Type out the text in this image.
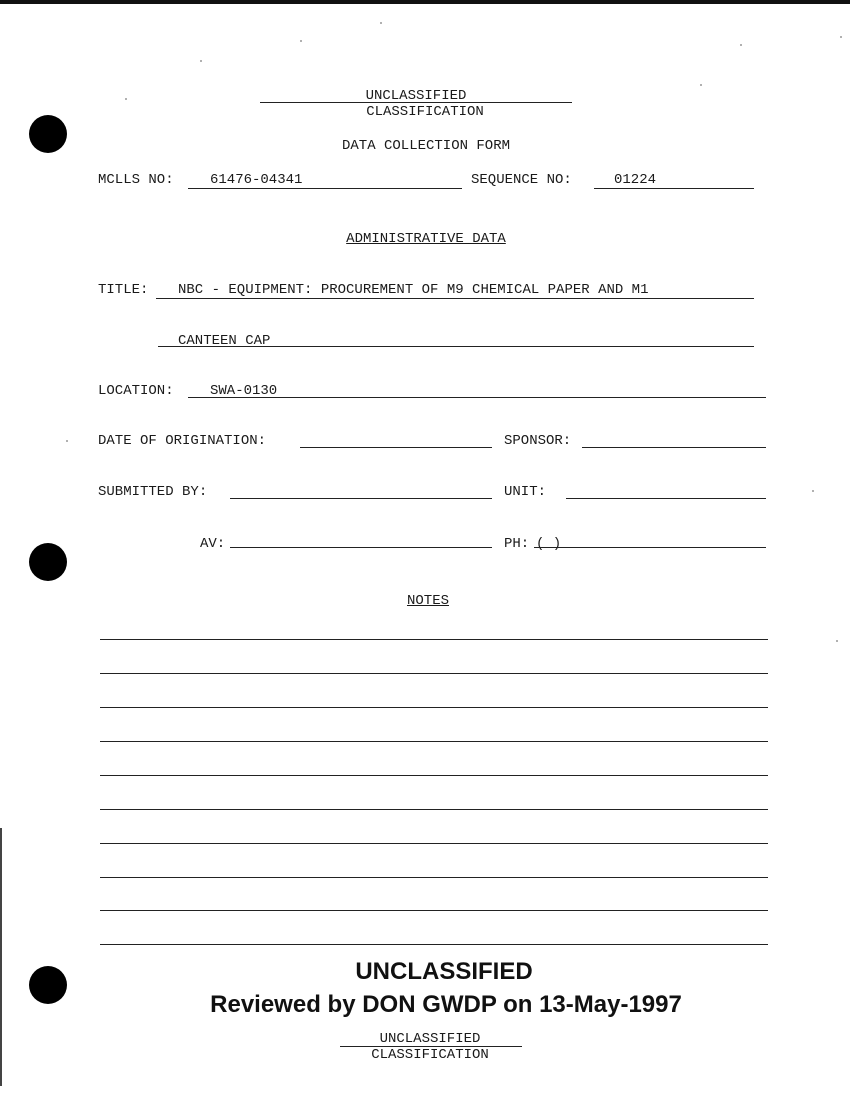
UNCLASSIFIED
CLASSIFICATION
DATA COLLECTION FORM
MCLLS NO:	61476-04341	SEQUENCE NO:	01224
ADMINISTRATIVE DATA
TITLE: NBC - EQUIPMENT: PROCUREMENT OF M9 CHEMICAL PAPER AND M1
CANTEEN CAP
LOCATION:	SWA-0130
DATE OF ORIGINATION:	SPONSOR:
SUBMITTED BY:	UNIT:
AV:	PH: ( )
NOTES
UNCLASSIFIED
Reviewed by DON GWDP on 13-May-1997
UNCLASSIFIED
CLASSIFICATION
